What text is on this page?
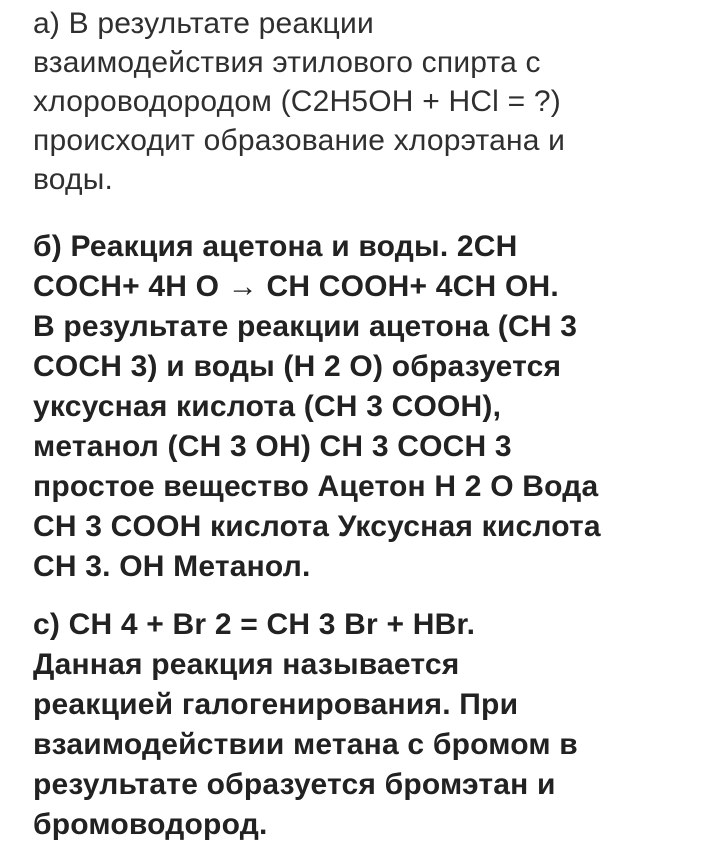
а) В результате реакции
взаимодействия этилового спирта с
хлороводородом (C2H5OH + HCl = ?)
происходит образование хлорэтана и
воды.

б) Реакция ацетона и воды. 2CH
COCH+ 4H O → CH COOH+ 4CH OH.
В результате реакции ацетона (CH 3
COCH 3) и воды (H 2 O) образуется
уксусная кислота (CH 3 COOH),
метанол (CH 3 OH) CH 3 COCH 3
простое вещество Ацетон H 2 O Вода
CH 3 COOH кислота Уксусная кислота
CH 3. OH Метанол.

с) CH 4 + Br 2 = CH 3 Br + HBr.
Данная реакция называется
реакцией галогенирования. При
взаимодействии метана с бромом в
результате образуется бромэтан и
бромоводород.
